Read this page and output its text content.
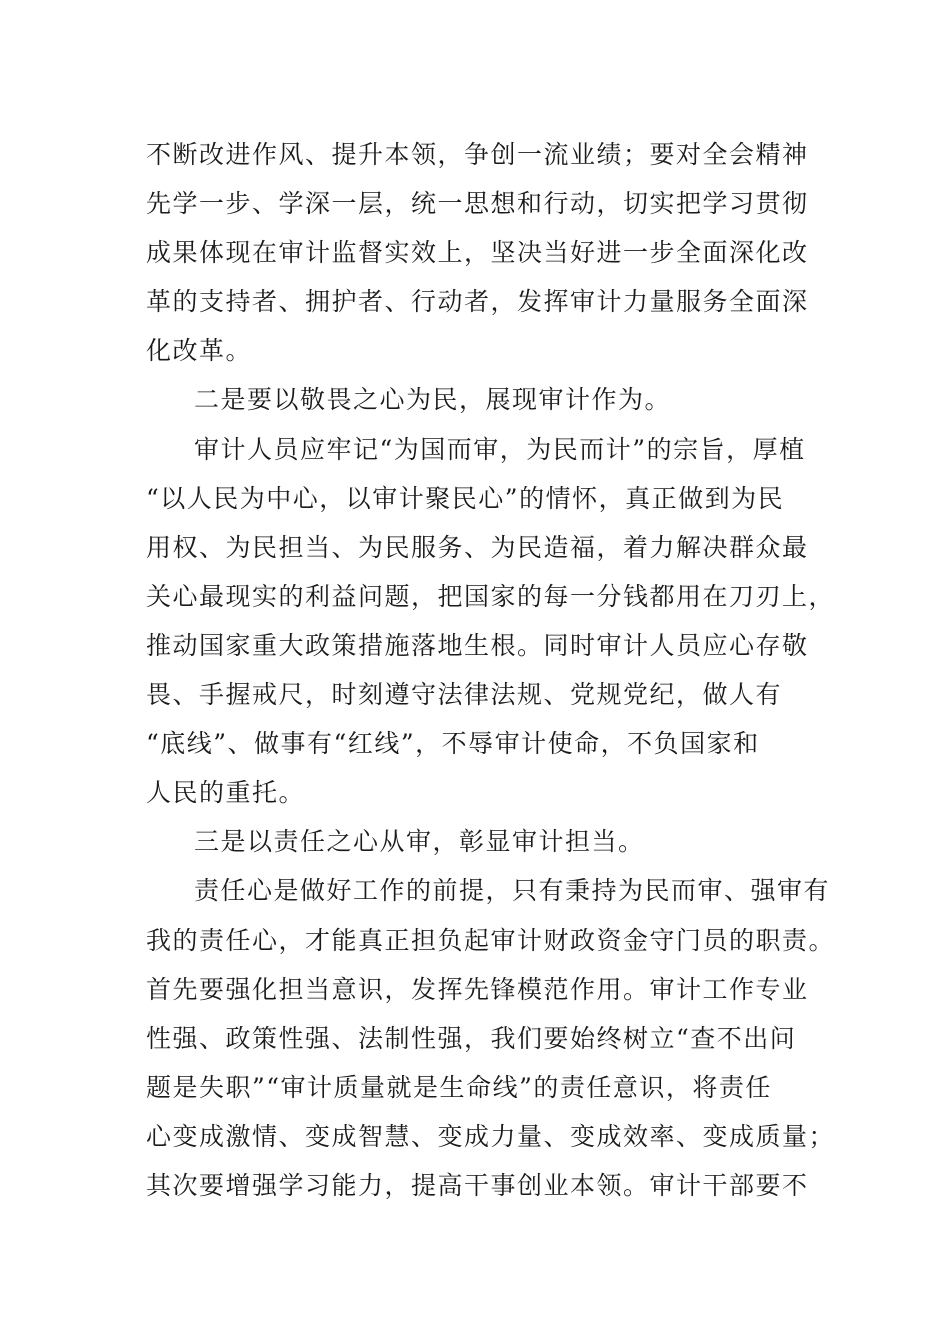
不断改进作风、提升本领，争创一流业绩；要对全会精神
先学一步、学深一层，统一思想和行动，切实把学习贯彻
成果体现在审计监督实效上，坚决当好进一步全面深化改
革的支持者、拥护者、行动者，发挥审计力量服务全面深
化改革。
二是要以敬畏之心为民，展现审计作为。
审计人员应牢记“为国而审，为民而计”的宗旨，厚植
“以人民为中心，以审计聚民心”的情怀，真正做到为民
用权、为民担当、为民服务、为民造福，着力解决群众最
关心最现实的利益问题，把国家的每一分钱都用在刀刃上，
推动国家重大政策措施落地生根。同时审计人员应心存敬
畏、手握戒尺，时刻遵守法律法规、党规党纪，做人有
“底线”、做事有“红线”，不辱审计使命，不负国家和
人民的重托。
三是以责任之心从审，彰显审计担当。
责任心是做好工作的前提，只有秉持为民而审、强审有
我的责任心，才能真正担负起审计财政资金守门员的职责。
首先要强化担当意识，发挥先锋模范作用。审计工作专业
性强、政策性强、法制性强，我们要始终树立“查不出问
题是失职”“审计质量就是生命线”的责任意识，将责任
心变成激情、变成智慧、变成力量、变成效率、变成质量；
其次要增强学习能力，提高干事创业本领。审计干部要不
